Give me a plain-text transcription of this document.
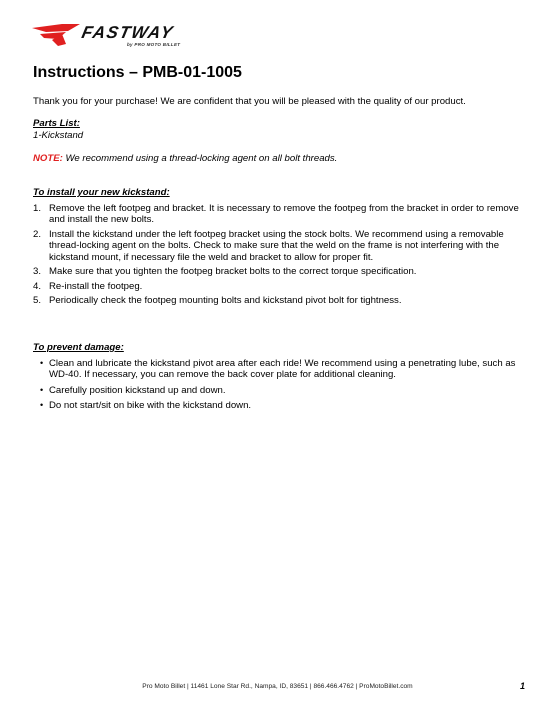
FASTWAY
by PRO MOTO BILLET
Instructions – PMB-01-1005
Thank you for your purchase! We are confident that you will be pleased with the quality of our product.
Parts List:
1-Kickstand
NOTE: We recommend using a thread-locking agent on all bolt threads.
To install your new kickstand:
1. Remove the left footpeg and bracket. It is necessary to remove the footpeg from the bracket in order to remove and install the new bolts.
2. Install the kickstand under the left footpeg bracket using the stock bolts. We recommend using a removable thread-locking agent on the bolts. Check to make sure that the weld on the frame is not interfering with the kickstand mount, if necessary file the weld and bracket to allow for proper fit.
3. Make sure that you tighten the footpeg bracket bolts to the correct torque specification.
4. Re-install the footpeg.
5. Periodically check the footpeg mounting bolts and kickstand pivot bolt for tightness.
To prevent damage:
• Clean and lubricate the kickstand pivot area after each ride! We recommend using a penetrating lube, such as WD-40. If necessary, you can remove the back cover plate for additional cleaning.
• Carefully position kickstand up and down.
• Do not start/sit on bike with the kickstand down.
Pro Moto Billet | 11461 Lone Star Rd., Nampa, ID, 83651 | 866.466.4762 | ProMotoBillet.com	1
